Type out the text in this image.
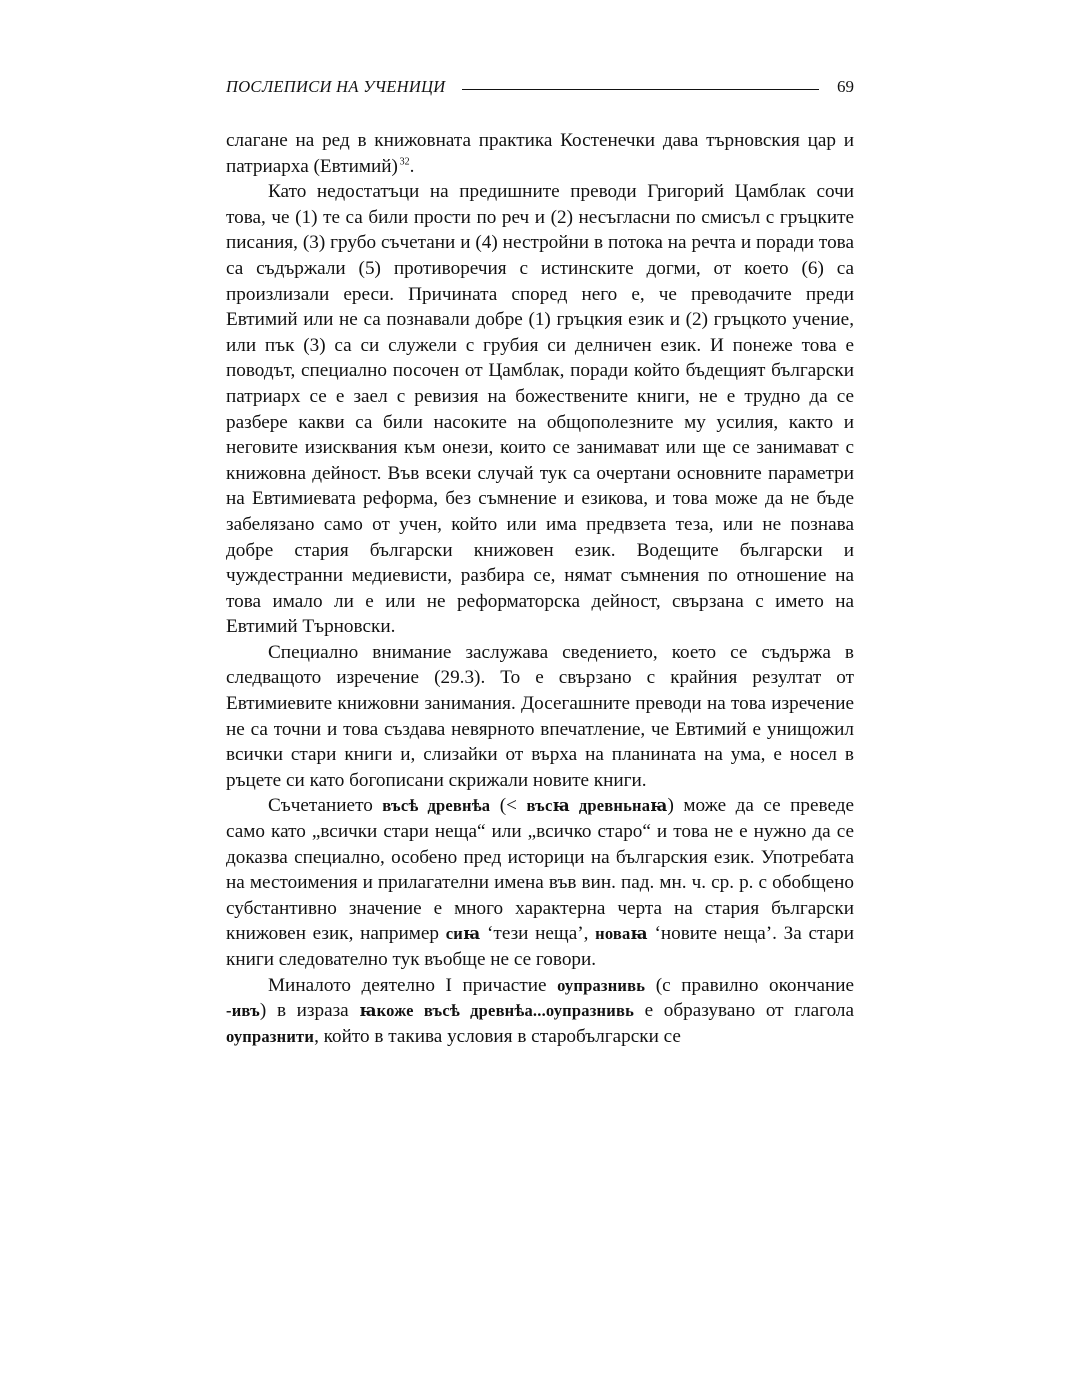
ПОСЛЕПИСИ НА УЧЕНИЦИ	69

слагане на ред в книжовната практика Костенечки дава търновския цар и патриарха (Евтимий)  $^{32}$.

Като недостатъци на предишните преводи Григорий Цамблак сочи това, че (1) те са били прости по реч и (2) несъгласни по смисъл с гръцките писания, (3) грубо съчетани и (4) нестройни в потока на речта и поради това са съдържали (5) противоречия с истинските догми, от което (6) са произлизали ереси. Причината според него е, че преводачите преди Евтимий или не са познавали добре (1) гръцкия език и (2) гръцкото учение, или пък (3) са си служели с грубия си делничен език. И понеже това е поводът, специално посочен от Цамблак, поради който бъдещият български патриарх се е заел с ревизия на божествените книги, не е трудно да се разбере какви са били насоките на общополезните му усилия, както и неговите изисквания към онези, които се занимават или ще се занимават с книжовна дейност. Във всеки случай тук са очертани основните параметри на Евтимиевата реформа, без съмнение и езикова, и това може да не бъде забелязано само от учен, който или има предвзета теза, или не познава добре стария български книжовен език. Водещите български и чуждестранни медиевисти, разбира се, нямат съмнения по отношение на това имало ли е или не реформаторска дейност, свързана с името на Евтимий Търновски.

Специално внимание заслужава сведението, което се съдържа в следващото изречение (29.3). То е свързано с крайния резултат от Евтимиевите книжовни занимания. Досегашните преводи на това изречение не са точни и това създава невярното впечатление, че Евтимий е унищожил всички стари книги и, слизайки от върха на планината на ума, е носел в ръцете си като богописани скрижали новите книги.

Съчетанието въсѣ древнѣа (< въсꙗ древньнаꙗ) може да се преведе само като „всички стари неща“ или „всичко старо“ и това не е нужно да се доказва специално, особено пред историци на българския език. Употребата на местоимения и прилагателни имена във вин. пад. мн. ч. ср. р. с обобщено субстантивно значение е много характерна черта на стария български книжовен език, например сиꙗ ‘тези неща’, новаꙗ ‘новите неща’. За стари книги следователно тук въобще не се говори.

Миналото деятелно I причастие оупразнивь (с правилно окончание -ивъ) в израза ꙗкоже въсѣ древнѣа...оупразнивь е образувано от глагола оупразнити, който в такива условия в старобългарски се
